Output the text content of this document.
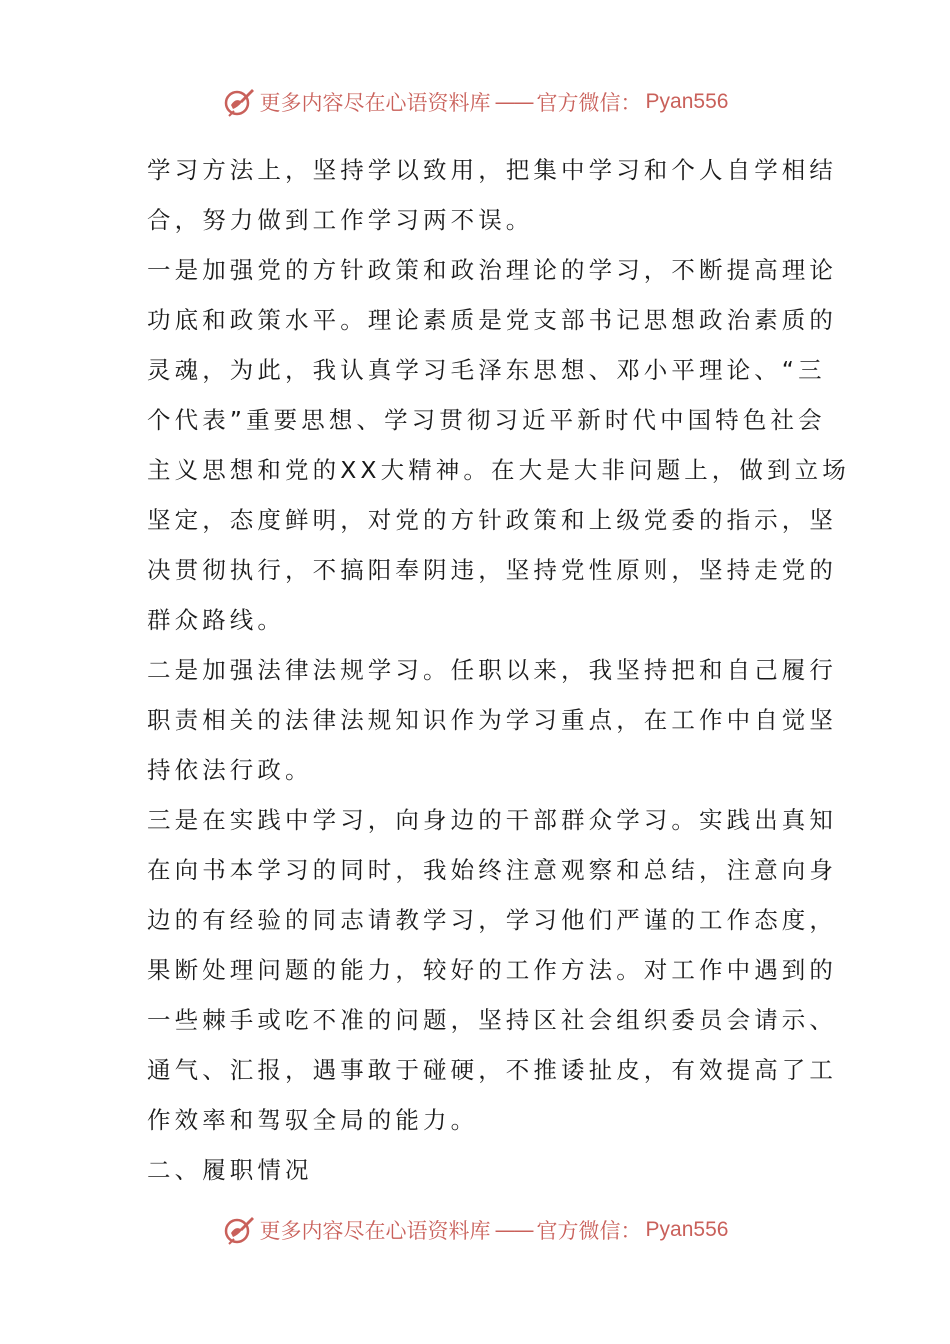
更多内容尽在心语资料库 —— 官方微信： Pyan556
学习方法上，坚持学以致用，把集中学习和个人自学相结
合，努力做到工作学习两不误。
一是加强党的方针政策和政治理论的学习，不断提高理论
功底和政策水平。理论素质是党支部书记思想政治素质的
灵魂，为此，我认真学习毛泽东思想、邓小平理论、“三
个代表”重要思想、学习贯彻习近平新时代中国特色社会
主义思想和党的XX大精神。在大是大非问题上，做到立场
坚定，态度鲜明，对党的方针政策和上级党委的指示，坚
决贯彻执行，不搞阳奉阴违，坚持党性原则，坚持走党的
群众路线。
二是加强法律法规学习。任职以来，我坚持把和自己履行
职责相关的法律法规知识作为学习重点，在工作中自觉坚
持依法行政。
三是在实践中学习，向身边的干部群众学习。实践出真知
在向书本学习的同时，我始终注意观察和总结，注意向身
边的有经验的同志请教学习，学习他们严谨的工作态度，
果断处理问题的能力，较好的工作方法。对工作中遇到的
一些棘手或吃不准的问题，坚持区社会组织委员会请示、
通气、汇报，遇事敢于碰硬，不推诿扯皮，有效提高了工
作效率和驾驭全局的能力。
二、履职情况
更多内容尽在心语资料库 —— 官方微信： Pyan556
